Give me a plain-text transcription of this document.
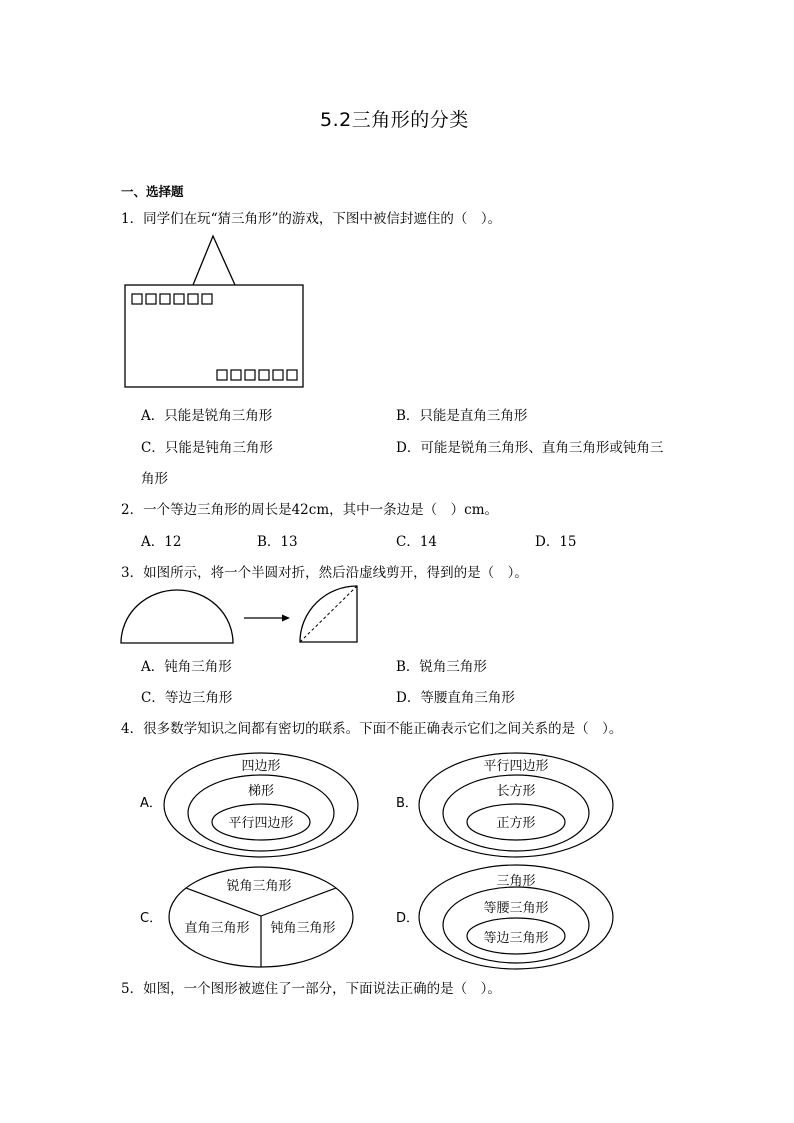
5.2三角形的分类
一、选择题
1．同学们在玩“猜三角形”的游戏，下图中被信封遮住的（　）。
A．只能是锐角三角形	B．只能是直角三角形
C．只能是钝角三角形	D．可能是锐角三角形、直角三角形或钝角三
角形
2．一个等边三角形的周长是42cm，其中一条边是（　）cm。
A．12	B．13	C．14	D．15
3．如图所示，将一个半圆对折，然后沿虚线剪开，得到的是（　）。
A．钝角三角形	B．锐角三角形
C．等边三角形	D．等腰直角三角形
4．很多数学知识之间都有密切的联系。下面不能正确表示它们之间关系的是（　）。
四边形
梯形
平行四边形
平行四边形
长方形
正方形
锐角三角形
直角三角形 钝角三角形
三角形
等腰三角形
等边三角形
A．	B．
C．	D．
5．如图，一个图形被遮住了一部分，下面说法正确的是（　）。
